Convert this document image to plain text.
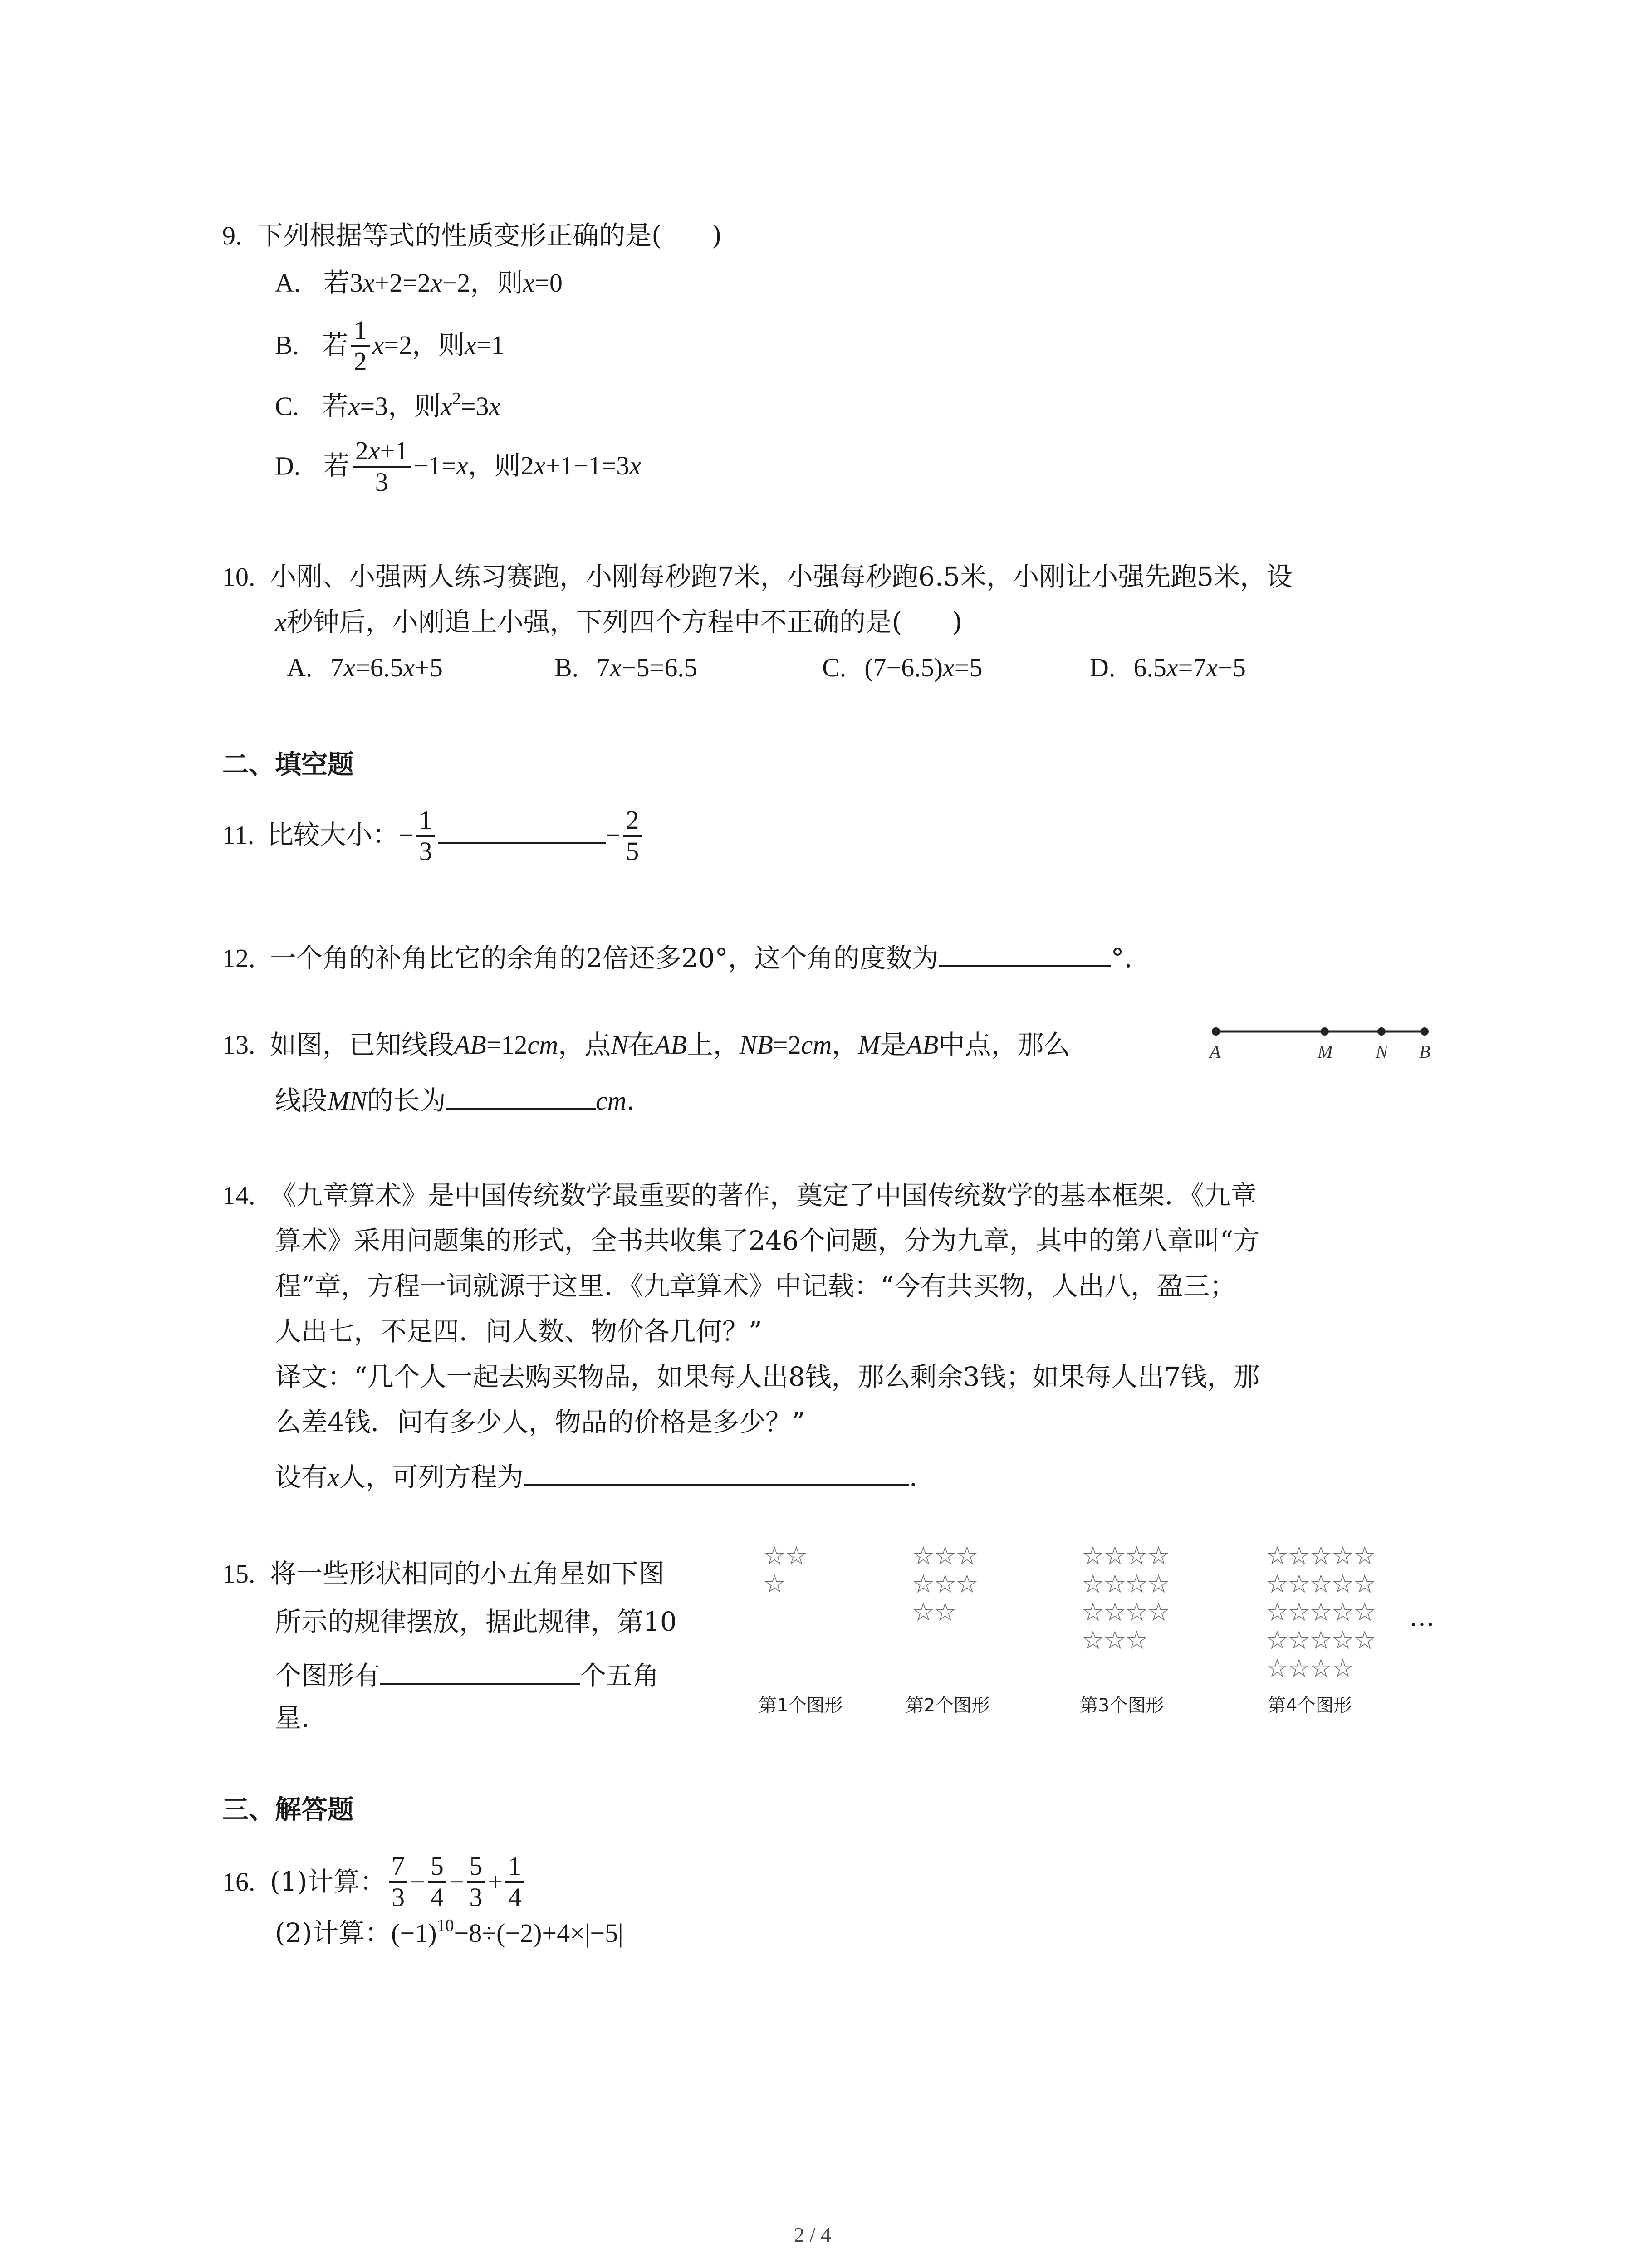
9. 下列根据等式的性质变形正确的是( )
A. 若3x+2=2x−2，则x=0
B. 若 $\frac{1}{2} x=2$，则x=1
C. 若x=3，则$x^2=3x$
D. 若 $\frac{2x+1}{3} -1=x$，则2x+1−1=3x
10. 小刚、小强两人练习赛跑，小刚每秒跑7米，小强每秒跑6.5米，小刚让小强先跑5米，设
x秒钟后，小刚追上小强，下列四个方程中不正确的是( )
A. 7x=6.5x+5	B. 7x−5=6.5	C. (7−6.5)x=5	D. 6.5x=7x−5
二、填空题
11. 比较大小：− $\frac{1}{3}$	− $\frac{2}{5}$
12. 一个角的补角比它的余角的2倍还多20°，这个角的度数为	°.
13. 如图，已知线段AB=12cm，点N在AB上，NB=2cm，M是AB中点，那么
线段MN的长为	cm.
A	M N B
14. 《九章算术》是中国传统数学最重要的著作，奠定了中国传统数学的基本框架．《九章
算术》采用问题集的形式，全书共收集了246个问题，分为九章，其中的第八章叫“方
程”章，方程一词就源于这里．《九章算术》中记载：“今有共买物，人出八，盈三；
人出七，不足四．问人数、物价各几何？”
译文：“几个人一起去购买物品，如果每人出8钱，那么剩余3钱；如果每人出7钱，那
么差4钱．问有多少人，物品的价格是多少？”
设有x人，可列方程为	.
15. 将一些形状相同的小五角星如下图
所示的规律摆放，据此规律，第10
个图形有	个五角
星．
☆☆
☆
☆☆☆
☆☆☆
☆☆
☆☆☆☆
☆☆☆☆
☆☆☆☆
☆☆☆
☆☆☆☆☆
☆☆☆☆☆
☆☆☆☆☆
☆☆☆☆☆
☆☆☆☆
…
第1个图形	第2个图形	第3个图形	第4个图形
三、解答题
16. (1)计算： $\frac{7}{3} - \frac{5}{4} - \frac{5}{3} + \frac{1}{4}$
(2)计算：$(-1)^{10}-8\div(-2)+4\times|-5|$
2 / 4
